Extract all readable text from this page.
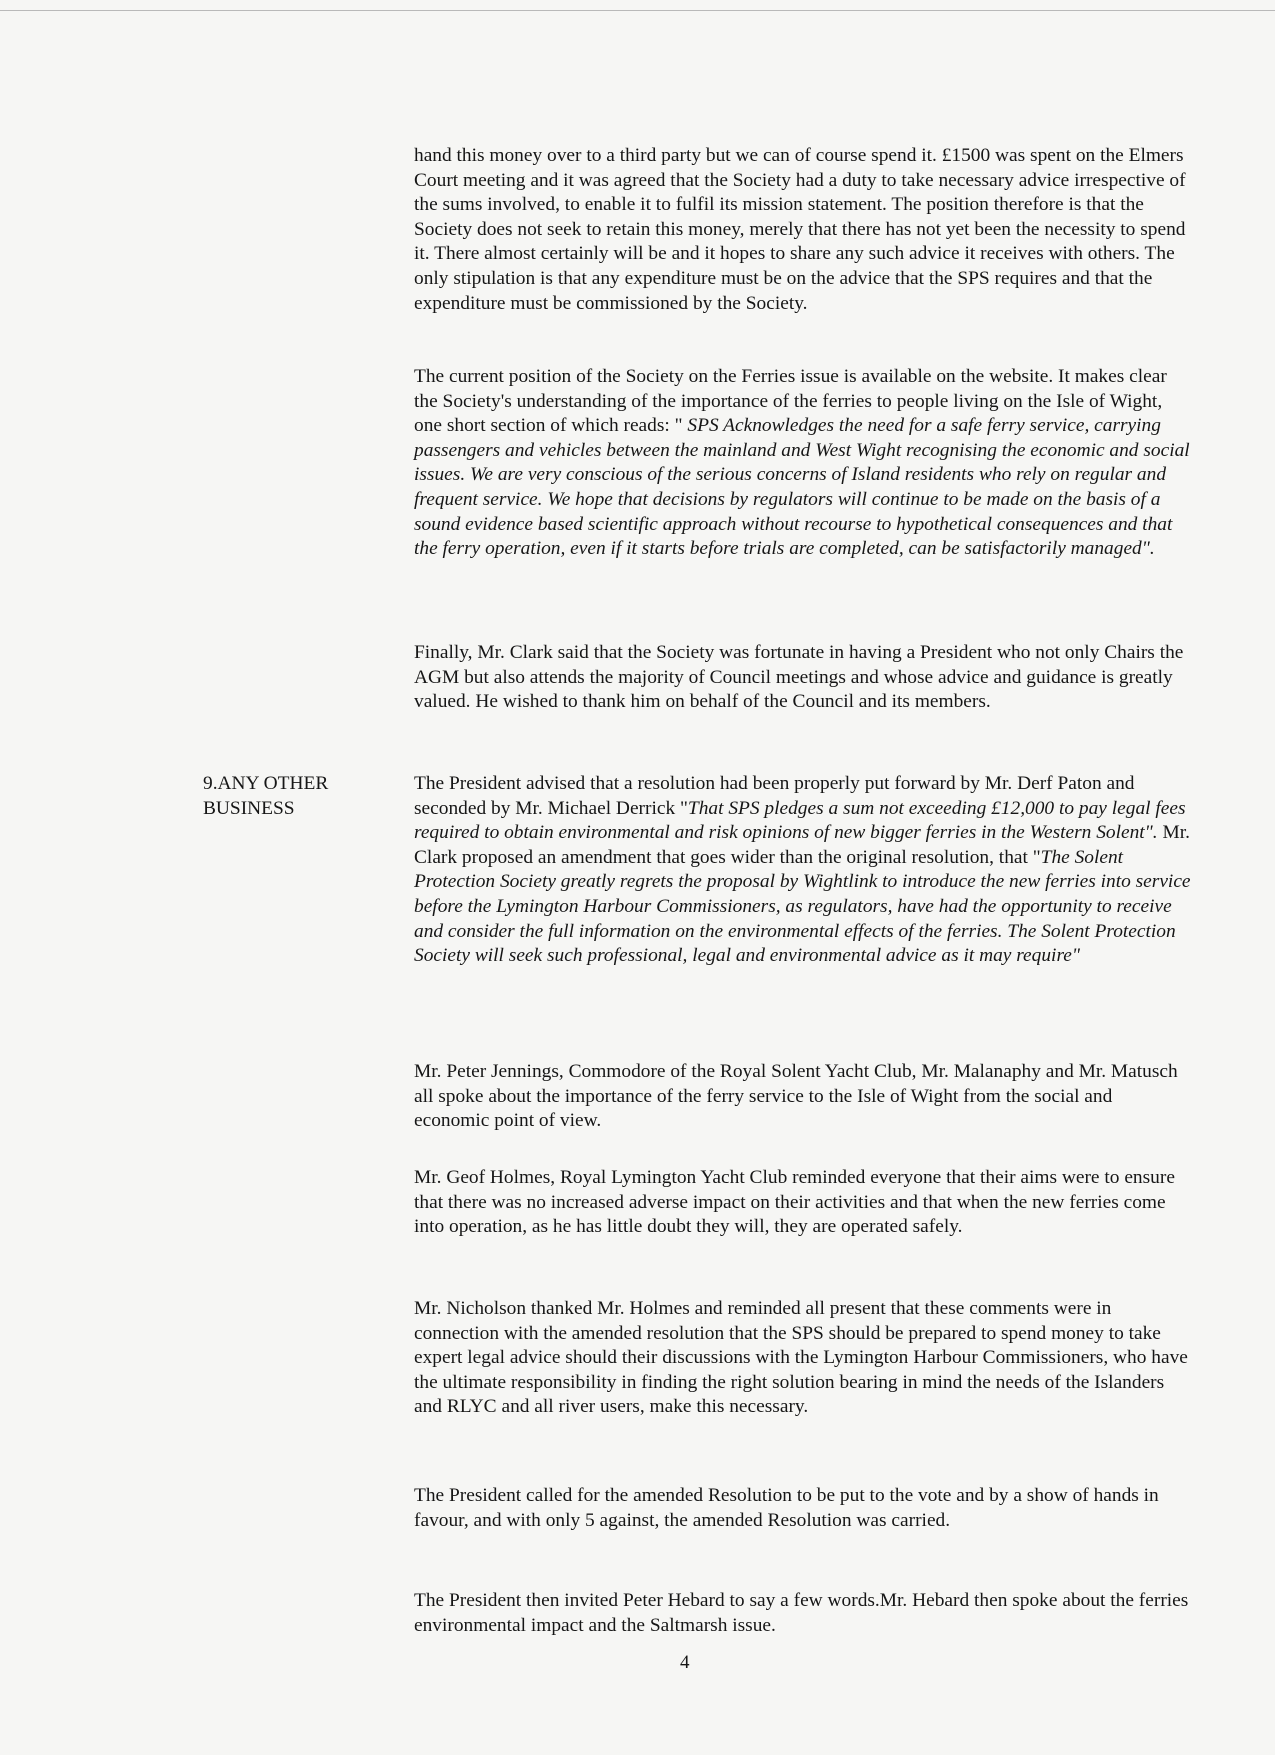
hand this money over to a third party but we can of course spend it. £1500 was spent on the Elmers Court meeting and it was agreed that the Society had a duty to take necessary advice irrespective of the sums involved, to enable it to fulfil its mission statement. The position therefore is that the Society does not seek to retain this money, merely that there has not yet been the necessity to spend it. There almost certainly will be and it hopes to share any such advice it receives with others. The only stipulation is that any expenditure must be on the advice that the SPS requires and that the expenditure must be commissioned by the Society.

The current position of the Society on the Ferries issue is available on the website. It makes clear the Society's understanding of the importance of the ferries to people living on the Isle of Wight, one short section of which reads: " SPS Acknowledges the need for a safe ferry service, carrying passengers and vehicles between the mainland and West Wight recognising the economic and social issues. We are very conscious of the serious concerns of Island residents who rely on regular and frequent service. We hope that decisions by regulators will continue to be made on the basis of a sound evidence based scientific approach without recourse to hypothetical consequences and that the ferry operation, even if it starts before trials are completed, can be satisfactorily managed".

Finally, Mr. Clark said that the Society was fortunate in having a President who not only Chairs the AGM but also attends the majority of Council meetings and whose advice and guidance is greatly valued. He wished to thank him on behalf of the Council and its members.

9.ANY OTHER
BUSINESS

The President advised that a resolution had been properly put forward by Mr. Derf Paton and seconded by Mr. Michael Derrick "That SPS pledges a sum not exceeding £12,000 to pay legal fees required to obtain environmental and risk opinions of new bigger ferries in the Western Solent". Mr. Clark proposed an amendment that goes wider than the original resolution, that "The Solent Protection Society greatly regrets the proposal by Wightlink to introduce the new ferries into service before the Lymington Harbour Commissioners, as regulators, have had the opportunity to receive and consider the full information on the environmental effects of the ferries. The Solent Protection Society will seek such professional, legal and environmental advice as it may require"

Mr. Peter Jennings, Commodore of the Royal Solent Yacht Club, Mr. Malanaphy and Mr. Matusch all spoke about the importance of the ferry service to the Isle of Wight from the social and economic point of view.

Mr. Geof Holmes, Royal Lymington Yacht Club reminded everyone that their aims were to ensure that there was no increased adverse impact on their activities and that when the new ferries come into operation, as he has little doubt they will, they are operated safely.

Mr. Nicholson thanked Mr. Holmes and reminded all present that these comments were in connection with the amended resolution that the SPS should be prepared to spend money to take expert legal advice should their discussions with the Lymington Harbour Commissioners, who have the ultimate responsibility in finding the right solution bearing in mind the needs of the Islanders and RLYC and all river users, make this necessary.

The President called for the amended Resolution to be put to the vote and by a show of hands in favour, and with only 5 against, the amended Resolution was carried.

The President then invited Peter Hebard to say a few words.Mr. Hebard then spoke about the ferries environmental impact and the Saltmarsh issue.

4
